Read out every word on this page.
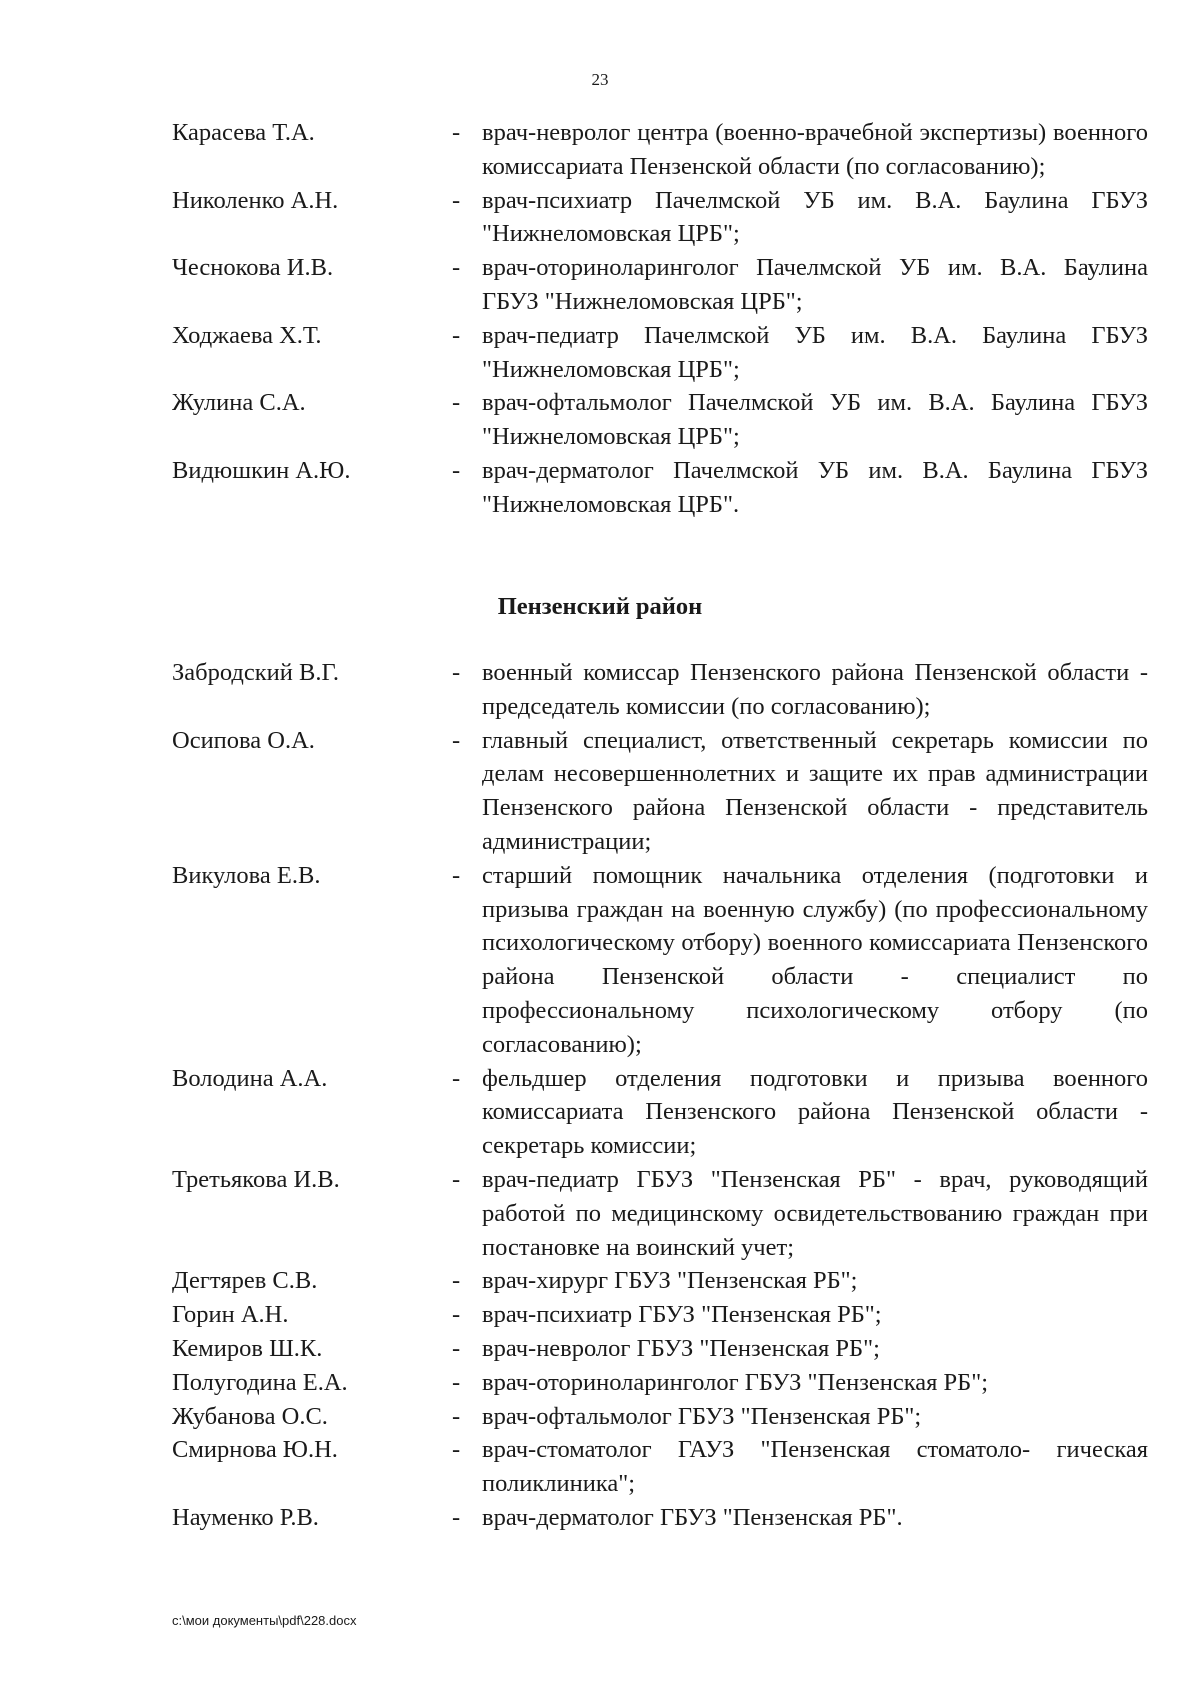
23
Карасева Т.А.	- врач-невролог центра (военно-врачебной экспертизы) военного комиссариата Пензенской области (по согласованию);
Николенко А.Н.	- врач-психиатр Пачелмской УБ им. В.А. Баулина ГБУЗ "Нижнеломовская ЦРБ";
Чеснокова И.В.	- врач-оториноларинголог Пачелмской УБ им. В.А. Баулина ГБУЗ "Нижнеломовская ЦРБ";
Ходжаева Х.Т.	- врач-педиатр Пачелмской УБ им. В.А. Баулина ГБУЗ "Нижнеломовская ЦРБ";
Жулина С.А.	- врач-офтальмолог Пачелмской УБ им. В.А. Баулина ГБУЗ "Нижнеломовская ЦРБ";
Видюшкин А.Ю.	- врач-дерматолог Пачелмской УБ им. В.А. Баулина ГБУЗ "Нижнеломовская ЦРБ".
Пензенский район
Забродский В.Г.	- военный комиссар Пензенского района Пензенской области - председатель комиссии (по согласованию);
Осипова О.А.	- главный специалист, ответственный секретарь комиссии по делам несовершеннолетних и защите их прав администрации Пензенского района Пензенской области - представитель администрации;
Викулова Е.В.	- старший помощник начальника отделения (подготовки и призыва граждан на военную службу) (по профессиональному психологическому отбору) военного комиссариата Пензенского района Пензенской области - специалист по профессиональному психологическому отбору (по согласованию);
Володина А.А.	- фельдшер отделения подготовки и призыва военного комиссариата Пензенского района Пензенской области - секретарь комиссии;
Третьякова И.В.	- врач-педиатр ГБУЗ "Пензенская РБ" - врач, руководящий работой по медицинскому освидетельствованию граждан при постановке на воинский учет;
Дегтярев С.В.	- врач-хирург ГБУЗ "Пензенская РБ";
Горин А.Н.	- врач-психиатр ГБУЗ "Пензенская РБ";
Кемиров Ш.К.	- врач-невролог ГБУЗ "Пензенская РБ";
Полугодина Е.А.	- врач-оториноларинголог ГБУЗ "Пензенская РБ";
Жубанова О.С.	- врач-офтальмолог ГБУЗ "Пензенская РБ";
Смирнова Ю.Н.	- врач-стоматолог ГАУЗ "Пензенская стоматоло- гическая поликлиника";
Науменко Р.В.	- врач-дерматолог ГБУЗ "Пензенская РБ".
c:\мои документы\pdf\228.docx
